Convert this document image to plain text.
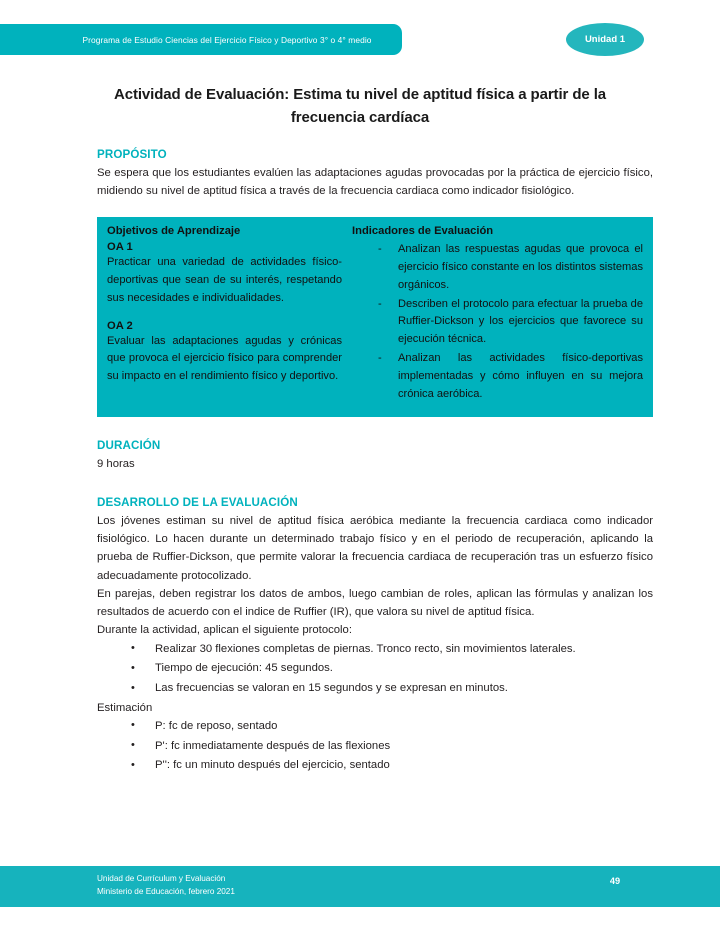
Programa de Estudio Ciencias del Ejercicio Físico y Deportivo 3° o 4° medio	Unidad 1
Actividad de Evaluación: Estima tu nivel de aptitud física a partir de la frecuencia cardíaca
PROPÓSITO

Se espera que los estudiantes evalúen las adaptaciones agudas provocadas por la práctica de ejercicio físico, midiendo su nivel de aptitud física a través de la frecuencia cardiaca como indicador fisiológico.

Objetivos de Aprendizaje
OA 1

Practicar una variedad de actividades físico-deportivas que sean de su interés, respetando sus necesidades e individualidades.

OA 2

Evaluar las adaptaciones agudas y crónicas que provoca el ejercicio físico para comprender su impacto en el rendimiento físico y deportivo.

Indicadores de Evaluación
- Analizan las respuestas agudas que provoca el ejercicio físico constante en los distintos sistemas orgánicos.
- Describen el protocolo para efectuar la prueba de Ruffier-Dickson y los ejercicios que favorece su ejecución técnica.
- Analizan las actividades físico-deportivas implementadas y cómo influyen en su mejora crónica aeróbica.
DURACIÓN

9 horas

DESARROLLO DE LA EVALUACIÓN

Los jóvenes estiman su nivel de aptitud física aeróbica mediante la frecuencia cardiaca como indicador fisiológico. Lo hacen durante un determinado trabajo físico y en el periodo de recuperación, aplicando la prueba de Ruffier-Dickson, que permite valorar la frecuencia cardiaca de recuperación tras un esfuerzo físico adecuadamente protocolizado.

En parejas, deben registrar los datos de ambos, luego cambian de roles, aplican las fórmulas y analizan los resultados de acuerdo con el indice de Ruffier (IR), que valora su nivel de aptitud física.

Durante la actividad, aplican el siguiente protocolo:

• Realizar 30 flexiones completas de piernas. Tronco recto, sin movimientos laterales.
• Tiempo de ejecución: 45 segundos.
• Las frecuencias se valoran en 15 segundos y se expresan en minutos.

Estimación

• P: fc de reposo, sentado
• P': fc inmediatamente después de las flexiones
• P'': fc un minuto después del ejercicio, sentado
Unidad de Currículum y Evaluación
Ministerio de Educación, febrero 2021
49
